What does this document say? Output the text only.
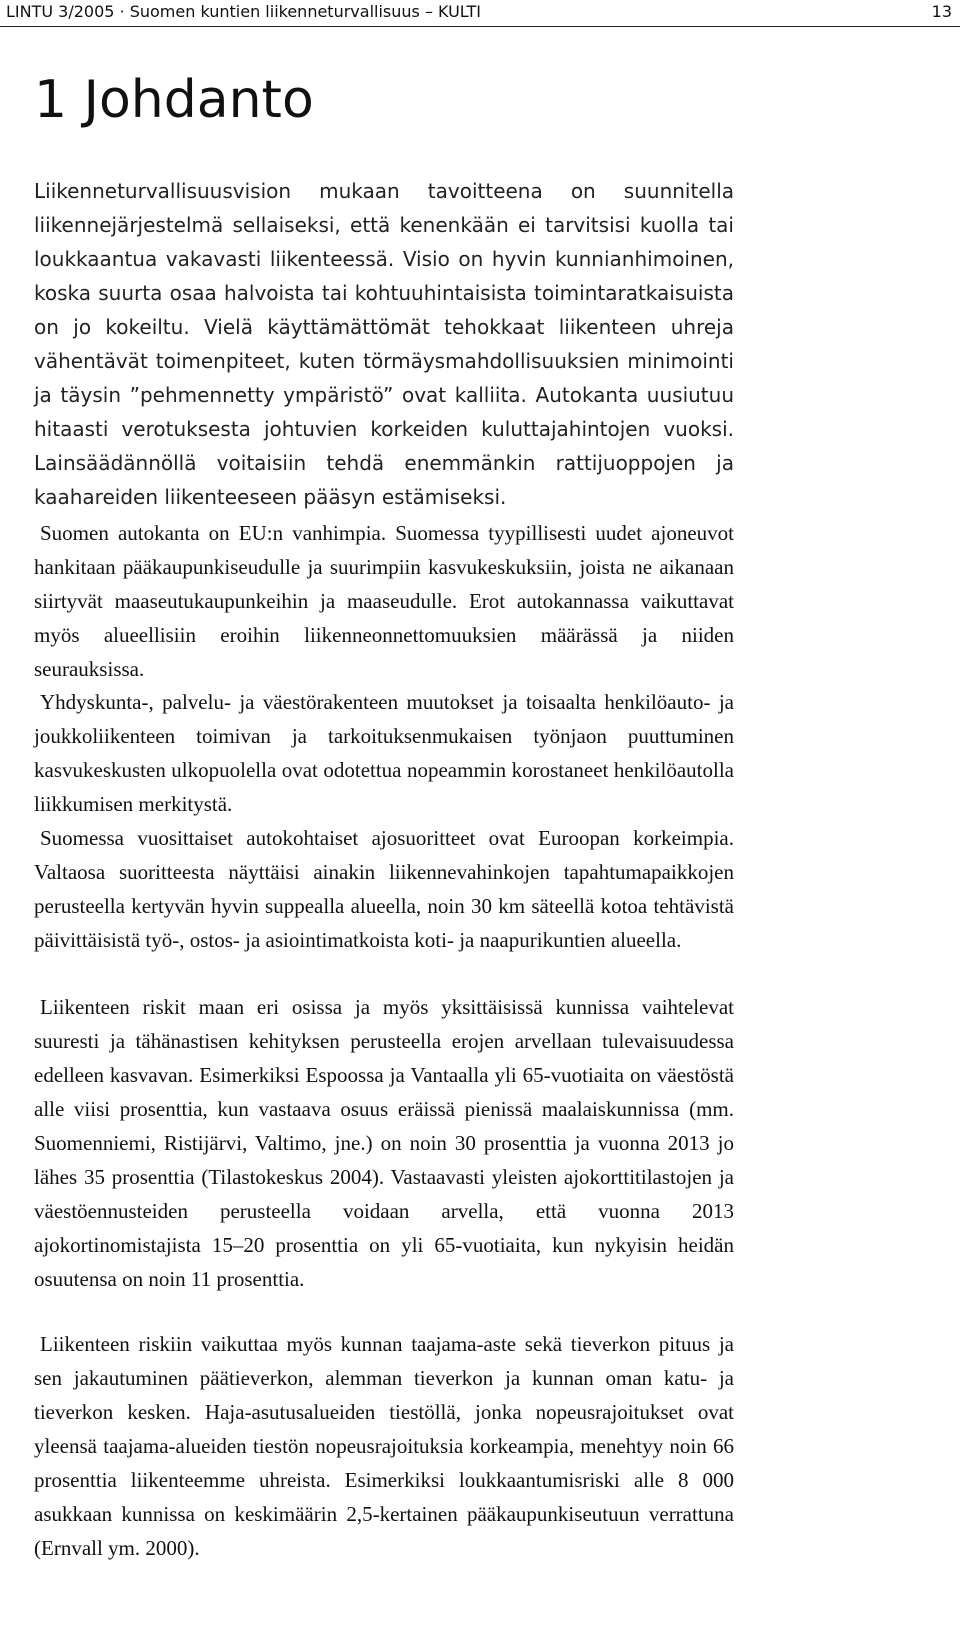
LINTU 3/2005 · Suomen kuntien liikenneturvallisuus – KULTI	13
1 Johdanto

Liikenneturvallisuusvision mukaan tavoitteena on suunnitella liikennejärjestelmä sellaiseksi, että kenenkään ei tarvitsisi kuolla tai loukkaantua vakavasti liikenteessä. Visio on hyvin kunnianhimoinen, koska suurta osaa halvoista tai kohtuuhintaisista toimintaratkaisuista on jo kokeiltu. Vielä käyttämättömät tehokkaat liikenteen uhreja vähentävät toimenpiteet, kuten törmäysmahdollisuuksien minimointi ja täysin ”pehmennetty ympäristö” ovat kalliita. Autokanta uusiutuu hitaasti verotuksesta johtuvien korkeiden kuluttajahintojen vuoksi. Lainsäädännöllä voitaisiin tehdä enemmänkin rattijuoppojen ja kaahareiden liikenteeseen pääsyn estämiseksi.

Suomen autokanta on EU:n vanhimpia. Suomessa tyypillisesti uudet ajoneuvot hankitaan pääkaupunkiseudulle ja suurimpiin kasvukeskuksiin, joista ne aikanaan siirtyvät maaseutukaupunkeihin ja maaseudulle. Erot autokannassa vaikuttavat myös alueellisiin eroihin liikenneonnettomuuksien määrässä ja niiden seurauksissa.

Yhdyskunta-, palvelu- ja väestörakenteen muutokset ja toisaalta henkilöauto- ja joukkoliikenteen toimivan ja tarkoituksenmukaisen työnjaon puuttuminen kasvukeskusten ulkopuolella ovat odotettua nopeammin korostaneet henkilöautolla liikkumisen merkitystä.

Suomessa vuosittaiset autokohtaiset ajosuoritteet ovat Euroopan korkeimpia. Valtaosa suoritteesta näyttäisi ainakin liikennevahinkojen tapahtumapaikkojen perusteella kertyvän hyvin suppealla alueella, noin 30 km säteellä kotoa tehtävistä päivittäisistä työ-, ostos- ja asiointimatkoista koti- ja naapurikuntien alueella.

Liikenteen riskit maan eri osissa ja myös yksittäisissä kunnissa vaihtelevat suuresti ja tähänastisen kehityksen perusteella erojen arvellaan tulevaisuudessa edelleen kasvavan. Esimerkiksi Espoossa ja Vantaalla yli 65-vuotiaita on väestöstä alle viisi prosenttia, kun vastaava osuus eräissä pienissä maalaiskunnissa (mm. Suomenniemi, Ristijärvi, Valtimo, jne.) on noin 30 prosenttia ja vuonna 2013 jo lähes 35 prosenttia (Tilastokeskus 2004). Vastaavasti yleisten ajokorttitilastojen ja väestöennusteiden perusteella voidaan arvella, että vuonna 2013 ajokortinomistajista 15–20 prosenttia on yli 65-vuotiaita, kun nykyisin heidän osuutensa on noin 11 prosenttia.

Liikenteen riskiin vaikuttaa myös kunnan taajama-aste sekä tieverkon pituus ja sen jakautuminen päätieverkon, alemman tieverkon ja kunnan oman katu- ja tieverkon kesken. Haja-asutusalueiden tiestöllä, jonka nopeusrajoitukset ovat yleensä taajama-alueiden tiestön nopeusrajoituksia korkeampia, menehtyy noin 66 prosenttia liikenteemme uhreista. Esimerkiksi loukkaantumisriski alle 8 000 asukkaan kunnissa on keskimäärin 2,5-kertainen pääkaupunkiseutuun verrattuna (Ernvall ym. 2000).
